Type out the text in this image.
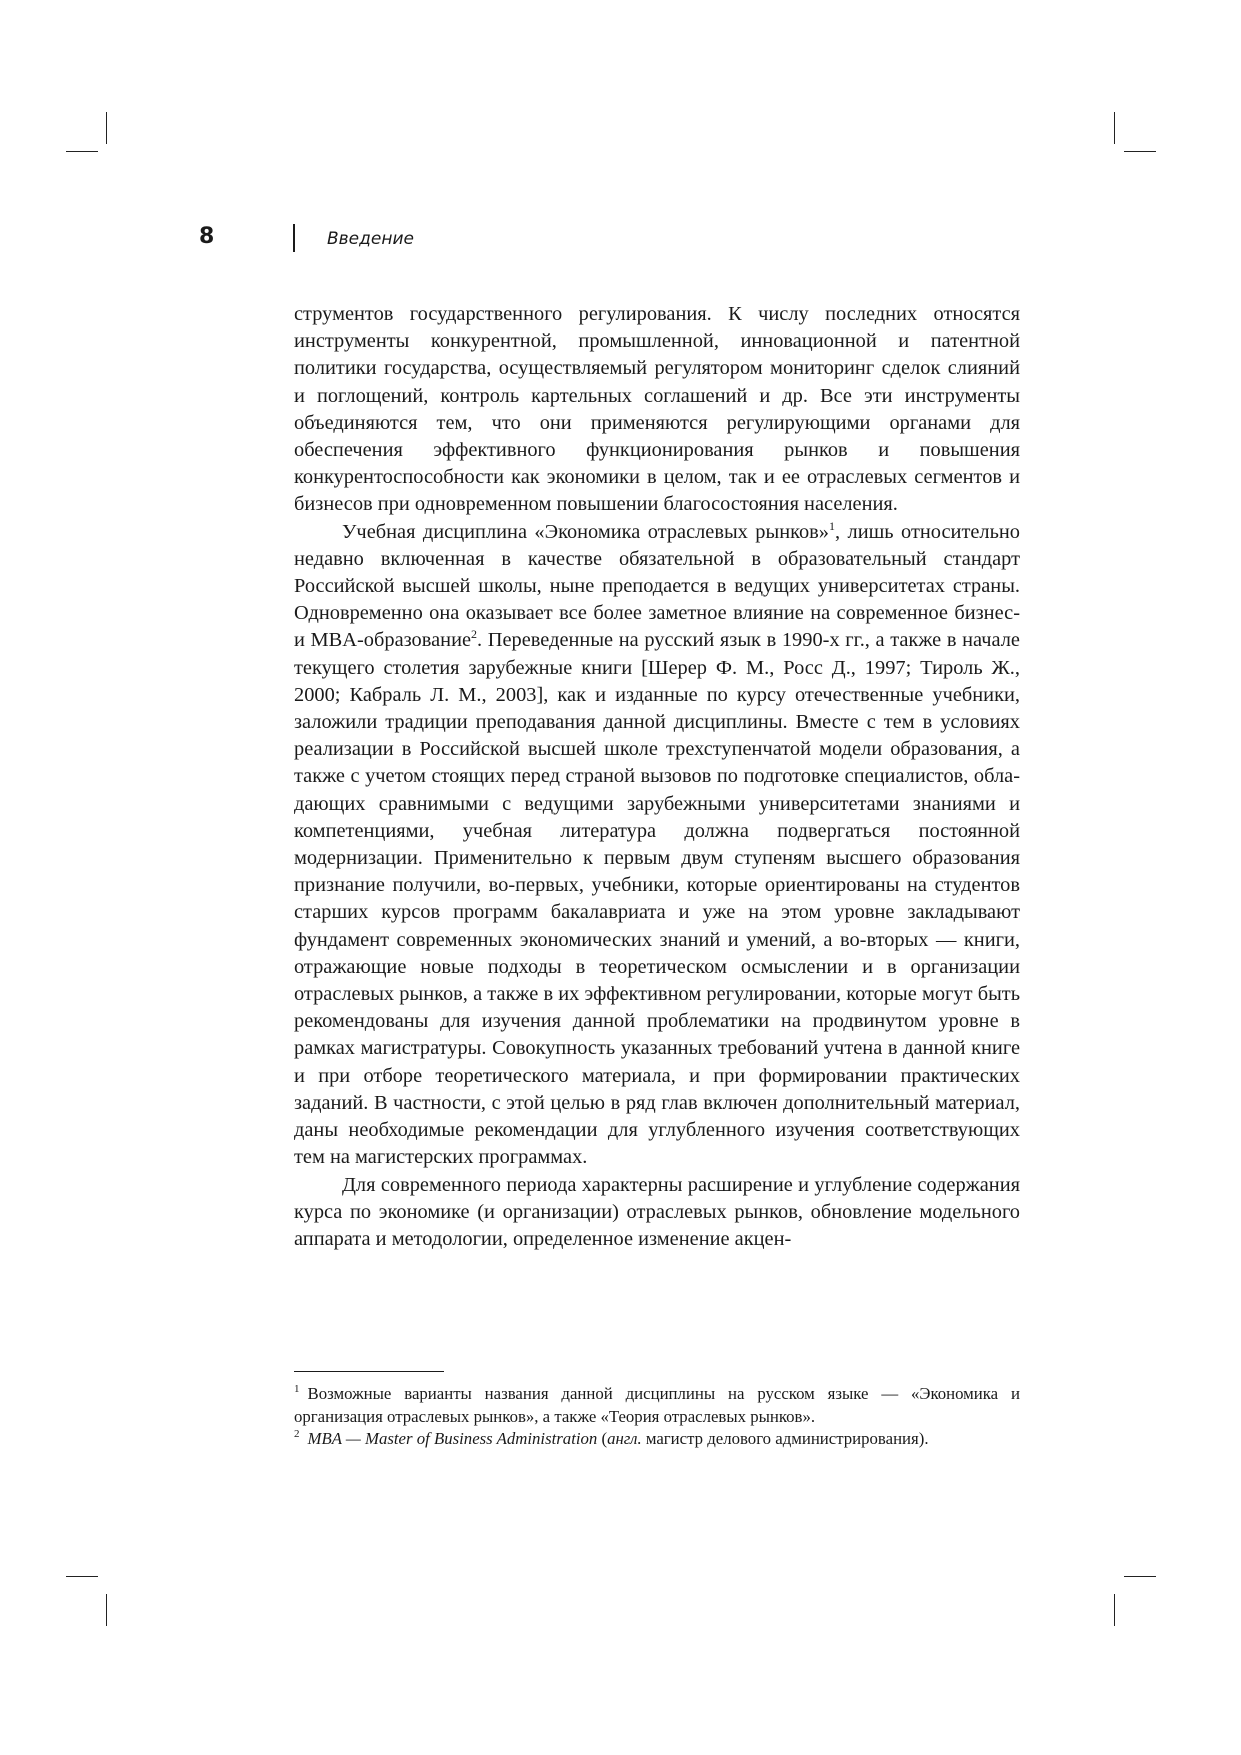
8	Введение

струментов государственного регулирования. К числу последних относятся инструменты конкурентной, промышленной, инновационной и патентной политики государства, осуществляемый регулятором мониторинг сделок слияний и поглощений, контроль картельных соглашений и др. Все эти инструменты объединяются тем, что они применяются регулирующими органами для обеспечения эффективного функционирования рынков и повышения конкурентоспособности как экономики в целом, так и ее отраслевых сегментов и бизнесов при одновременном повышении благосостояния населения.

Учебная дисциплина «Экономика отраслевых рынков»$^1$, лишь относительно недавно включенная в качестве обязательной в образовательный стандарт Российской высшей школы, ныне преподается в ведущих университетах страны. Одновременно она оказывает все более заметное влияние на современное бизнес- и MBA-образование$^2$. Переведенные на русский язык в 1990-х гг., а также в начале текущего столетия зарубежные книги [Шерер Ф. М., Росс Д., 1997; Тироль Ж., 2000; Кабраль Л. М., 2003], как и изданные по курсу отечественные учебники, заложили традиции преподавания данной дисциплины. Вместе с тем в условиях реализации в Российской высшей школе трехступенчатой модели образования, а также с учетом стоящих перед страной вызовов по подготовке специалистов, обладающих сравнимыми с ведущими зарубежными университетами знаниями и компетенциями, учебная литература должна подвергаться постоянной модернизации. Применительно к первым двум ступеням высшего образования признание получили, во-первых, учебники, которые ориентированы на студентов старших курсов программ бакалавриата и уже на этом уровне закладывают фундамент современных экономических знаний и умений, а во-вторых — книги, отражающие новые подходы в теоретическом осмыслении и в организации отраслевых рынков, а также в их эффективном регулировании, которые могут быть рекомендованы для изучения данной проблематики на продвинутом уровне в рамках магистратуры. Совокупность указанных требований учтена в данной книге и при отборе теоретического материала, и при формировании практических заданий. В частности, с этой целью в ряд глав включен дополнительный материал, даны необходимые рекомендации для углубленного изучения соответствующих тем на магистерских программах.

Для современного периода характерны расширение и углубление содержания курса по экономике (и организации) отраслевых рынков, обновление модельного аппарата и методологии, определенное изменение акцен-

$^1$ Возможные варианты названия данной дисциплины на русском языке — «Экономика и организация отраслевых рынков», а также «Теория отраслевых рынков».

$^2$ MBA — Master of Business Administration (англ. магистр делового администрирования).
